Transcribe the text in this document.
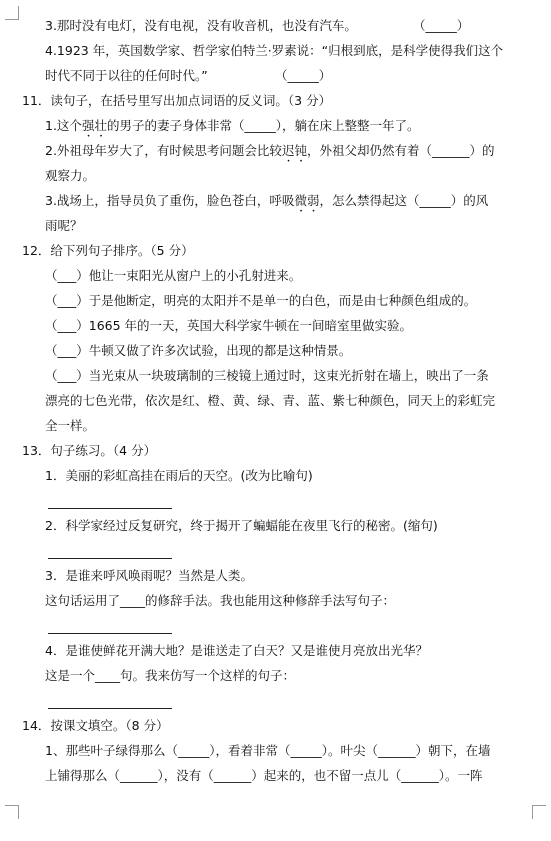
3.那时没有电灯，没有电视，没有收音机，也没有汽车。	（_____）
4.1923 年，英国数学家、哲学家伯特兰·罗素说：“归根到底，是科学使得我们这个
时代不同于以往的任何时代。”	（_____）
11．读句子，在括号里写出加点词语的反义词。（3 分）
1.这个强壮的男子的妻子身体非常（_____），躺在床上整整一年了。
2.外祖母年岁大了，有时候思考问题会比较迟钝，外祖父却仍然有着（______）的
观察力。
3.战场上，指导员负了重伤，脸色苍白，呼吸微弱，怎么禁得起这（_____）的风
雨呢？
12．给下列句子排序。（5 分）
（___）他让一束阳光从窗户上的小孔射进来。
（___）于是他断定，明亮的太阳并不是单一的白色，而是由七种颜色组成的。
（___）1665 年的一天，英国大科学家牛顿在一间暗室里做实验。
（___）牛顿又做了许多次试验，出现的都是这种情景。
（___）当光束从一块玻璃制的三棱镜上通过时，这束光折射在墙上，映出了一条
漂亮的七色光带，依次是红、橙、黄、绿、青、蓝、紫七种颜色，同天上的彩虹完
全一样。
13．句子练习。（4 分）
1．美丽的彩虹高挂在雨后的天空。(改为比喻句)
2．科学家经过反复研究，终于揭开了蝙蝠能在夜里飞行的秘密。(缩句)
3．是谁来呼风唤雨呢？当然是人类。
这句话运用了____的修辞手法。我也能用这种修辞手法写句子：
4．是谁使鲜花开满大地？是谁送走了白天？又是谁使月亮放出光华？
这是一个____句。我来仿写一个这样的句子：
14．按课文填空。（8 分）
1、那些叶子绿得那么（_____），看着非常（_____）。叶尖（______）朝下，在墙
上铺得那么（______），没有（______）起来的，也不留一点儿（______）。一阵
